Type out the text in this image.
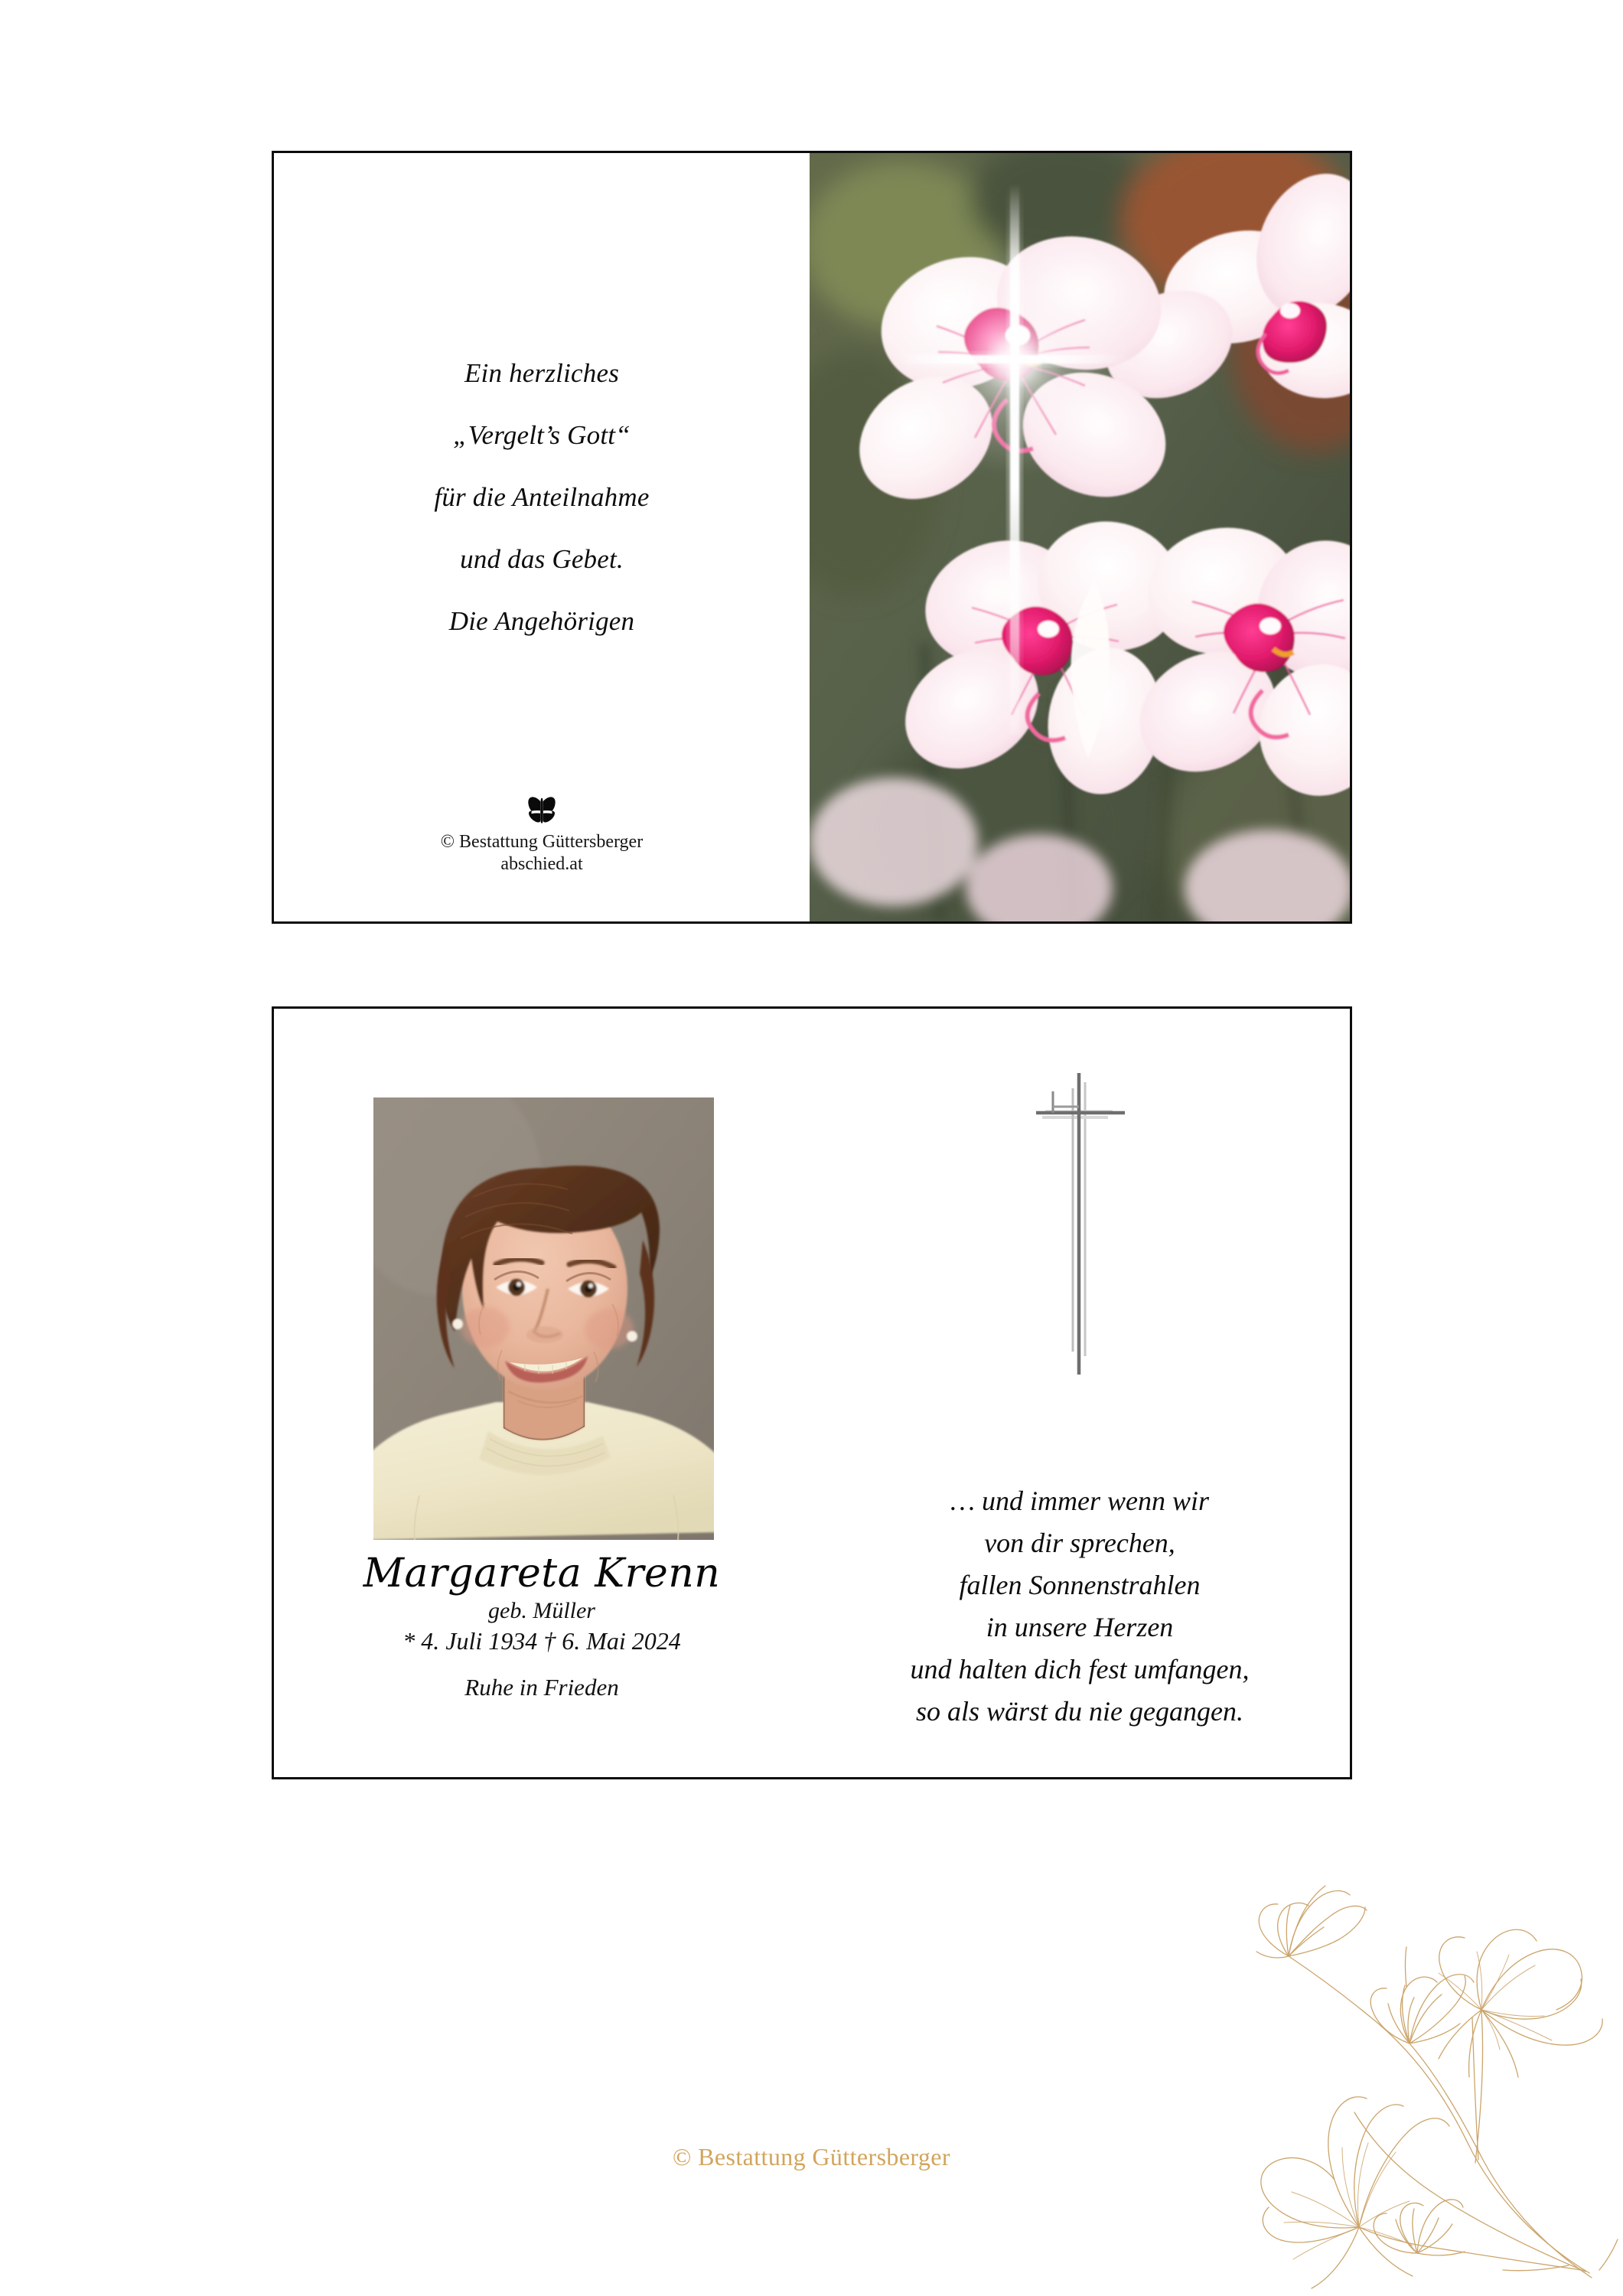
Ein herzliches
„Vergelt’s Gott“
für die Anteilnahme
und das Gebet.
Die Angehörigen
© Bestattung Güttersberger
abschied.at
Margareta Krenn
geb. Müller
* 4. Juli 1934 † 6. Mai 2024
Ruhe in Frieden
… und immer wenn wir
von dir sprechen,
fallen Sonnenstrahlen
in unsere Herzen
und halten dich fest umfangen,
so als wärst du nie gegangen.
© Bestattung Güttersberger
